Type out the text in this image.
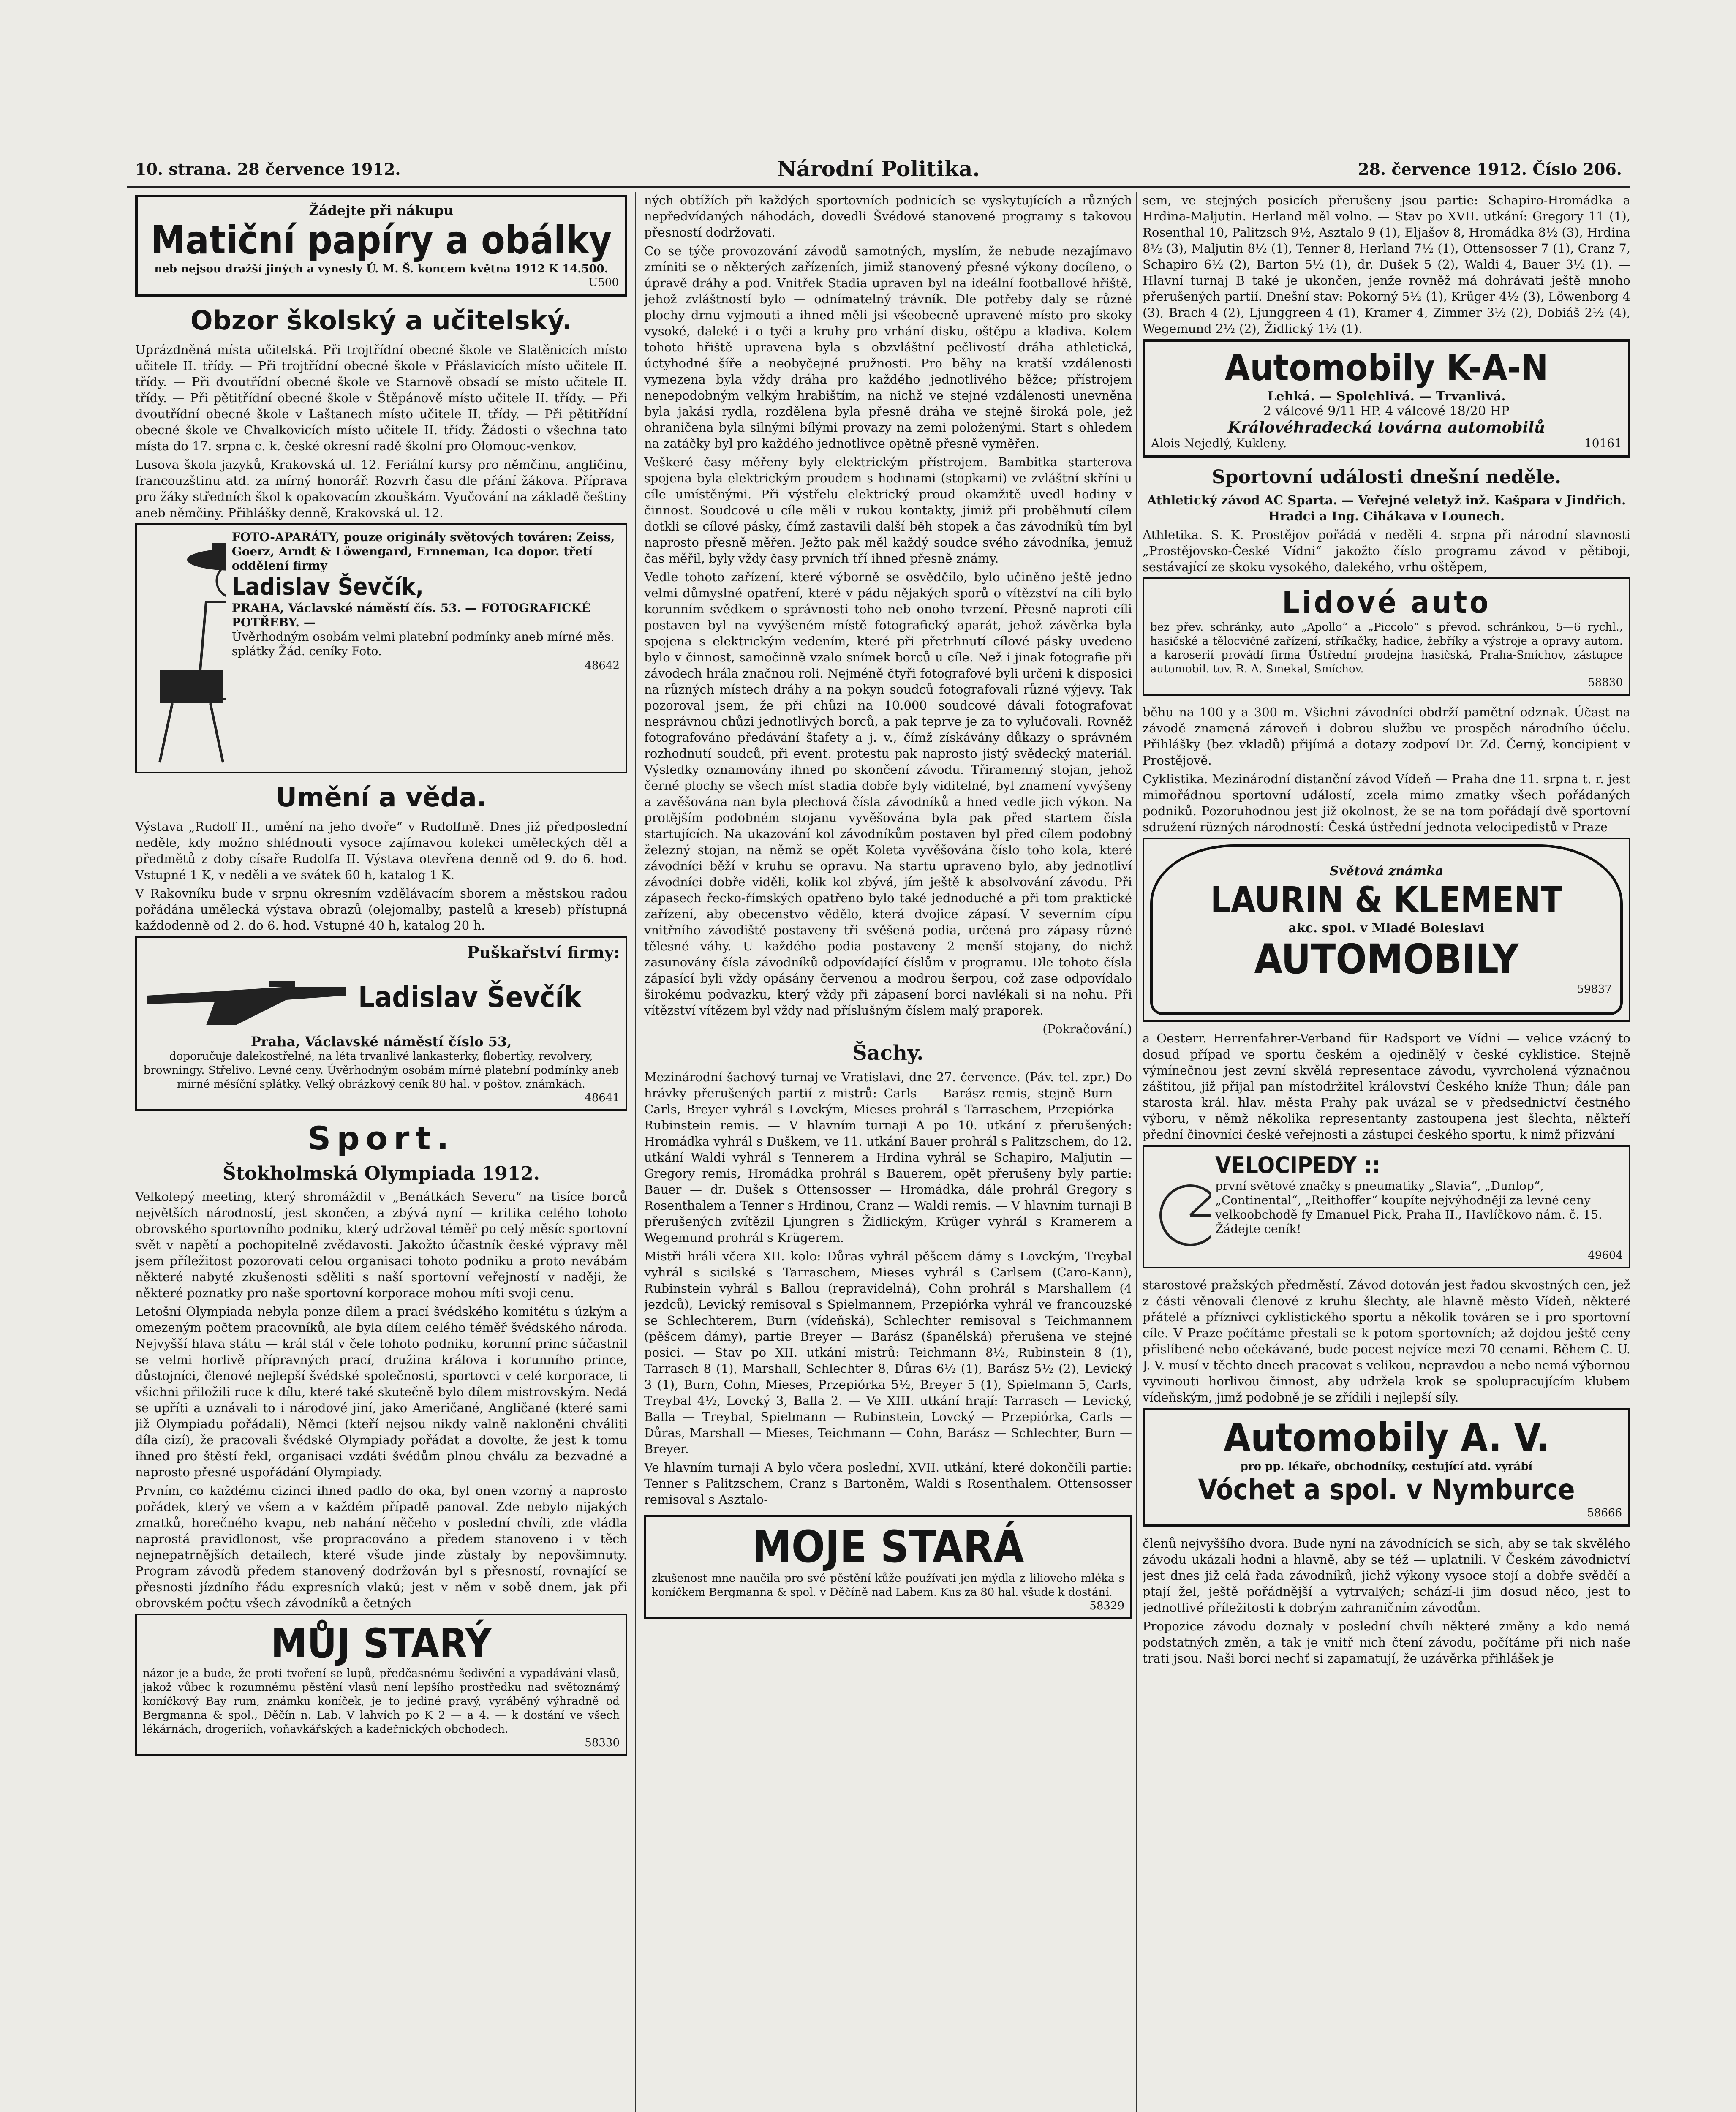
10. strana. 28 července 1912.	Národní Politika.	28. července 1912. Číslo 206.
Žádejte při nákupu
Matiční papíry a obálky
neb nejsou dražší jiných a vynesly Ú. M. Š. koncem května 1912 K 14.500.
U500
Obzor školský a učitelský.

Uprázdněná místa učitelská. Při trojtřídní obecné škole ve Slatěnicích místo učitele II. třídy. — Při trojtřídní obecné škole v Přáslavicích místo učitele II. třídy. — Při dvoutřídní obecné škole ve Starnově obsadí se místo učitele II. třídy. — Při pětitřídní obecné škole v Štěpánově místo učitele II. třídy. — Při dvoutřídní obecné škole v Laštanech místo učitele II. třídy. — Při pětitřídní obecné škole ve Chvalkovicích místo učitele II. třídy. Žádosti o všechna tato místa do 17. srpna c. k. české okresní radě školní pro Olomouc-venkov.

Lusova škola jazyků, Krakovská ul. 12. Feriální kursy pro němčinu, angličinu, francouzštinu atd. za mírný honorář. Rozvrh času dle přání žákova. Příprava pro žáky středních škol k opakovacím zkouškám. Vyučování na základě češtiny aneb němčiny. Přihlášky denně, Krakovská ul. 12.

FOTO-APARÁTY, pouze originály světových továren: Zeiss, Goerz, Arndt & Löwengard, Ernneman, Ica dopor. třetí oddělení firmy
Ladislav Ševčík,
PRAHA, Václavské náměstí čís. 53. — FOTOGRAFICKÉ POTŘEBY. —
Úvěrhodným osobám velmi platební podmínky aneb mírné měs. splátky Žád. ceníky Foto.
48642
Umění a věda.

Výstava „Rudolf II., umění na jeho dvoře“ v Rudolfině. Dnes již předposlední neděle, kdy možno shlédnouti vysoce zajímavou kolekci uměleckých děl a předmětů z doby císaře Rudolfa II. Výstava otevřena denně od 9. do 6. hod. Vstupné 1 K, v neděli a ve svátek 60 h, katalog 1 K.

V Rakovníku bude v srpnu okresním vzdělávacím sborem a městskou radou pořádána umělecká výstava obrazů (olejomalby, pastelů a kreseb) přístupná každodenně od 2. do 6. hod. Vstupné 40 h, katalog 20 h.

Puškařství firmy:
Ladislav Ševčík
Praha, Václavské náměstí číslo 53,
doporučuje dalekostřelné, na léta trvanlivé lankasterky, flobertky, revolvery, browningy. Střelivo. Levné ceny. Úvěrhodným osobám mírné platební podmínky aneb mírné měsíční splátky. Velký obrázkový ceník 80 hal. v poštov. známkách.
48641
Sport.
Štokholmská Olympiada 1912.

Velkolepý meeting, který shromáždil v „Benátkách Severu“ na tisíce borců největších národností, jest skončen, a zbývá nyní — kritika celého tohoto obrovského sportovního podniku, který udržoval téměř po celý měsíc sportovní svět v napětí a pochopitelně zvědavosti. Jakožto účastník české výpravy měl jsem příležitost pozorovati celou organisaci tohoto podniku a proto nevábám některé nabyté zkušenosti sděliti s naší sportovní veřejností v naději, že některé poznatky pro naše sportovní korporace mohou míti svoji cenu.

Letošní Olympiada nebyla ponze dílem a prací švédského komitétu s úzkým a omezeným počtem pracovníků, ale byla dílem celého téměř švédského národa. Nejvyšší hlava státu — král stál v čele tohoto podniku, korunní princ súčastnil se velmi horlivě přípravných prací, družina králova i korunního prince, důstojníci, členové nejlepší švédské společnosti, sportovci v celé korporace, ti všichni přiložili ruce k dílu, které také skutečně bylo dílem mistrovským. Nedá se upříti a uznávali to i národové jiní, jako Američané, Angličané (které sami již Olympiadu pořádali), Němci (kteří nejsou nikdy valně nakloněni chváliti díla cizí), že pracovali švédské Olympiady pořádat a dovolte, že jest k tomu ihned pro štěstí řekl, organisaci vzdáti švédům plnou chválu za bezvadné a naprosto přesné uspořádání Olympiady.

Prvním, co každému cizinci ihned padlo do oka, byl onen vzorný a naprosto pořádek, který ve všem a v každém případě panoval. Zde nebylo nijakých zmatků, horečného kvapu, neb nahání něčeho v poslední chvíli, zde vládla naprostá pravidlonost, vše propracováno a předem stanoveno i v těch nejnepatrnějších detailech, které všude jinde zůstaly by nepovšimnuty. Program závodů předem stanovený dodržován byl s přesností, rovnající se přesnosti jízdního řádu expresních vlaků; jest v něm v sobě dnem, jak při obrovském počtu všech závodníků a četných

MŮJ STARÝ
názor je a bude, že proti tvoření se lupů, předčasnému šedivění a vypadávání vlasů, jakož vůbec k rozumnému pěstění vlasů není lepšího prostředku nad světoznámý koníčkový Bay rum, známku koníček, je to jediné pravý, vyráběný výhradně od Bergmanna & spol., Děčín n. Lab. V lahvích po K 2 — a 4. — k dostání ve všech lékárnách, drogeriích, voňavkářských a kadeřnických obchodech.
58330

ných obtížích při každých sportovních podnicích se vyskytujících a různých nepředvídaných náhodách, dovedli Švédové stanovené programy s takovou přesností dodržovati.

Co se týče provozování závodů samotných, myslím, že nebude nezajímavo zmíniti se o některých zařízeních, jimiž stanovený přesné výkony docíleno, o úpravě dráhy a pod. Vnitřek Stadia upraven byl na ideální footballové hřiště, jehož zvláštností bylo — odnímatelný trávník. Dle potřeby daly se různé plochy drnu vyjmouti a ihned měli jsi všeobecně upravené místo pro skoky vysoké, daleké i o tyči a kruhy pro vrhání disku, oštěpu a kladiva. Kolem tohoto hřiště upravena byla s obzvláštní pečlivostí dráha athletická, úctyhodné šíře a neobyčejné pružnosti. Pro běhy na kratší vzdálenosti vymezena byla vždy dráha pro každého jednotlivého běžce; přístrojem nenepodobným velkým hrabištím, na nichž ve stejné vzdálenosti unevněna byla jakási rydla, rozdělena byla přesně dráha ve stejně široká pole, jež ohraničena byla silnými bílými provazy na zemi položenými. Start s ohledem na zatáčky byl pro každého jednotlivce opětně přesně vyměřen.

Veškeré časy měřeny byly elektrickým přístrojem. Bambitka starterova spojena byla elektrickým proudem s hodinami (stopkami) ve zvláštní skříni u cíle umístěnými. Při výstřelu elektrický proud okamžitě uvedl hodiny v činnost. Soudcové u cíle měli v rukou kontakty, jimiž při proběhnutí cílem dotkli se cílové pásky, čímž zastavili další běh stopek a čas závodníků tím byl naprosto přesně měřen. Ježto pak měl každý soudce svého závodníka, jemuž čas měřil, byly vždy časy prvních tří ihned přesně známy.

Vedle tohoto zařízení, které výborně se osvědčilo, bylo učiněno ještě jedno velmi důmyslné opatření, které v pádu nějakých sporů o vítězství na cíli bylo korunním svědkem o správnosti toho neb onoho tvrzení. Přesně naproti cíli postaven byl na vyvýšeném místě fotografický aparát, jehož závěrka byla spojena s elektrickým vedením, které při přetrhnutí cílové pásky uvedeno bylo v činnost, samočinně vzalo snímek borců u cíle. Než i jinak fotografie při závodech hrála značnou roli. Nejméně čtyři fotografové byli určeni k disposici na různých místech dráhy a na pokyn soudců fotografovali různé výjevy. Tak pozoroval jsem, že při chůzi na 10.000 soudcové dávali fotografovat nesprávnou chůzi jednotlivých borců, a pak teprve je za to vylučovali. Rovněž fotografováno předávání štafety a j. v., čímž získávány důkazy o správném rozhodnutí soudců, při event. protestu pak naprosto jistý svědecký materiál. Výsledky oznamovány ihned po skončení závodu. Třiramenný stojan, jehož černé plochy se všech míst stadia dobře byly viditelné, byl znamení vyvýšeny a zavěšována nan byla plechová čísla závodníků a hned vedle jich výkon. Na protějším podobném stojanu vyvěšována byla pak před startem čísla startujících. Na ukazování kol závodníkům postaven byl před cílem podobný železný stojan, na němž se opět Koleta vyvěšována číslo toho kola, které závodníci běží v kruhu se opravu. Na startu upraveno bylo, aby jednotliví závodníci dobře viděli, kolik kol zbývá, jím ještě k absolvování závodu. Při zápasech řecko-římských opatřeno bylo také jednoduché a při tom praktické zařízení, aby obecenstvo vědělo, která dvojice zápasí. V severním cípu vnitřního závodiště postaveny tři svěšená podia, určená pro zápasy různé tělesné váhy. U každého podia postaveny 2 menší stojany, do nichž zasunovány čísla závodníků odpovídající číslům v programu. Dle tohoto čísla zápasící byli vždy opásány červenou a modrou šerpou, což zase odpovídalo širokému podvazku, který vždy při zápasení borci navlékali si na nohu. Při vítězství vítězem byl vždy nad příslušným číslem malý praporek.

(Pokračování.)

Šachy.

Mezinárodní šachový turnaj ve Vratislavi, dne 27. července. (Páv. tel. zpr.) Do hrávky přerušených partií z mistrů: Carls — Barász remis, stejně Burn — Carls, Breyer vyhrál s Lovckým, Mieses prohrál s Tarraschem, Przepiórka — Rubinstein remis. — V hlavním turnaji A po 10. utkání z přerušených: Hromádka vyhrál s Duškem, ve 11. utkání Bauer prohrál s Palitzschem, do 12. utkání Waldi vyhrál s Tennerem a Hrdina vyhrál se Schapiro, Maljutin — Gregory remis, Hromádka prohrál s Bauerem, opět přerušeny byly partie: Bauer — dr. Dušek s Ottensosser — Hromádka, dále prohrál Gregory s Rosenthalem a Tenner s Hrdinou, Cranz — Waldi remis. — V hlavním turnaji B přerušených zvítězil Ljungren s Židlickým, Krüger vyhrál s Kramerem a Wegemund prohrál s Krügerem.

Mistři hráli včera XII. kolo: Důras vyhrál pěšcem dámy s Lovckým, Treybal vyhrál s sicilské s Tarraschem, Mieses vyhrál s Carlsem (Caro-Kann), Rubinstein vyhrál s Ballou (repravidelná), Cohn prohrál s Marshallem (4 jezdců), Levický remisoval s Spielmannem, Przepiórka vyhrál ve francouzské se Schlechterem, Burn (vídeňská), Schlechter remisoval s Teichmannem (pěšcem dámy), partie Breyer — Barász (španělská) přerušena ve stejné posici. — Stav po XII. utkání mistrů: Teichmann 8½, Rubinstein 8 (1), Tarrasch 8 (1), Marshall, Schlechter 8, Důras 6½ (1), Barász 5½ (2), Levický 3 (1), Burn, Cohn, Mieses, Przepiórka 5½, Breyer 5 (1), Spielmann 5, Carls, Treybal 4½, Lovcký 3, Balla 2. — Ve XIII. utkání hrají: Tarrasch — Levický, Balla — Treybal, Spielmann — Rubinstein, Lovcký — Przepiórka, Carls — Důras, Marshall — Mieses, Teichmann — Cohn, Barász — Schlechter, Burn — Breyer.

Ve hlavním turnaji A bylo včera poslední, XVII. utkání, které dokončili partie: Tenner s Palitzschem, Cranz s Bartoněm, Waldi s Rosenthalem. Ottensosser remisoval s Asztalo-

MOJE STARÁ
zkušenost mne naučila pro své pěstění kůže používati jen mýdla z lilioveho mléka s koníčkem Bergmanna & spol. v Děčíně nad Labem. Kus za 80 hal. všude k dostání.
58329

sem, ve stejných posicích přerušeny jsou partie: Schapiro-Hromádka a Hrdina-Maljutin. Herland měl volno. — Stav po XVII. utkání: Gregory 11 (1), Rosenthal 10, Palitzsch 9½, Asztalo 9 (1), Eljašov 8, Hromádka 8½ (3), Hrdina 8½ (3), Maljutin 8½ (1), Tenner 8, Herland 7½ (1), Ottensosser 7 (1), Cranz 7, Schapiro 6½ (2), Barton 5½ (1), dr. Dušek 5 (2), Waldi 4, Bauer 3½ (1). — Hlavní turnaj B také je ukončen, jenže rovněž má dohrávati ještě mnoho přerušených partií. Dnešní stav: Pokorný 5½ (1), Krüger 4½ (3), Löwenborg 4 (3), Brach 4 (2), Ljunggreen 4 (1), Kramer 4, Zimmer 3½ (2), Dobiáš 2½ (4), Wegemund 2½ (2), Židlický 1½ (1).

Automobily K-A-N
Lehká. — Spolehlivá. — Trvanlivá.
2 válcové 9/11 HP. 4 válcové 18/20 HP
Královéhradecká továrna automobilů
Alois Nejedlý, Kukleny.	10161
Sportovní události dnešní neděle.

Athletický závod AC Sparta. — Veřejné veletyž inž. Kašpara v Jindřich. Hradci a Ing. Cihákava v Lounech.

Athletika. S. K. Prostějov pořádá v neděli 4. srpna při národní slavnosti „Prostějovsko-České Vídni“ jakožto číslo programu závod v pětiboji, sestávající ze skoku vysokého, dalekého, vrhu oštěpem,

Lidové auto
bez přev. schránky, auto „Apollo“ a „Piccolo“ s převod. schránkou, 5—6 rychl., hasičské a tělocvičné zařízení, stříkačky, hadice, žebříky a výstroje a opravy autom. a karoserií provádí firma Ústřední prodejna hasičská, Praha-Smíchov, zástupce automobil. tov. R. A. Smekal, Smíchov.
58830

běhu na 100 y a 300 m. Všichni závodníci obdrží pamětní odznak. Účast na závodě znamená zároveň i dobrou službu ve prospěch národního účelu. Přihlášky (bez vkladů) přijímá a dotazy zodpoví Dr. Zd. Černý, koncipient v Prostějově.

Cyklistika. Mezinárodní distanční závod Vídeň — Praha dne 11. srpna t. r. jest mimořádnou sportovní událostí, zcela mimo zmatky všech pořádaných podniků. Pozoruhodnou jest již okolnost, že se na tom pořádají dvě sportovní sdružení rüzných národností: Česká ústřední jednota velocipedistů v Praze

Světová známka
LAURIN & KLEMENT
akc. spol. v Mladé Boleslavi
AUTOMOBILY
59837

a Oesterr. Herrenfahrer-Verband für Radsport ve Vídni — velice vzácný to dosud případ ve sportu českém a ojedinělý v české cyklistice. Stejně výmínečnou jest zevní skvělá representace závodu, vyvrcholená význačnou záštitou, již přijal pan místodržitel království Českého kníže Thun; dále pan starosta král. hlav. města Prahy pak uvázal se v předsednictví čestného výboru, v němž několika representanty zastoupena jest šlechta, někteří přední činovníci české veřejnosti a zástupci českého sportu, k nimž přizvání

VELOCIPEDY ::
první světové značky s pneumatiky „Slavia“, „Dunlop“, „Continental“, „Reithoffer“ koupíte nejvýhodněji za levné ceny velkoobchodě fy Emanuel Pick, Praha II., Havlíčkovo nám. č. 15. Žádejte ceník!
49604

starostové pražských předměstí. Závod dotován jest řadou skvostných cen, jež z části věnovali členové z kruhu šlechty, ale hlavně město Vídeň, některé přátelé a příznivci cyklistického sportu a několik továren se i pro sportovní cíle. V Praze počítáme přestali se k potom sportovních; až dojdou ještě ceny přislíbené nebo očekávané, bude pocest nejvíce mezi 70 cenami. Během C. U. J. V. musí v těchto dnech pracovat s velikou, nepravdou a nebo nemá výbornou vyvinouti horlivou činnost, aby udržela krok se spolupracujícím klubem vídeňským, jimž podobně je se zřídili i nejlepší síly.

Automobily A. V.
pro pp. lékaře, obchodníky, cestující atd. vyrábí
Vóchet a spol. v Nymburce
58666

členů nejvyššího dvora. Bude nyní na závodnících se sich, aby se tak skvělého závodu ukázali hodni a hlavně, aby se též — uplatnili. V Českém závodnictví jest dnes již celá řada závodníků, jichž výkony vysoce stojí a dobře svědčí a ptají žel, ještě pořádnější a vytrvalých; schází-li jim dosud něco, jest to jednotlivé příležitosti k dobrým zahraničním závodům.

Propozice závodu doznaly v poslední chvíli některé změny a kdo nemá podstatných změn, a tak je vnitř nich čtení závodu, počítáme při nich naše trati jsou. Naši borci nechť si zapamatují, že uzávěrka přihlášek je
